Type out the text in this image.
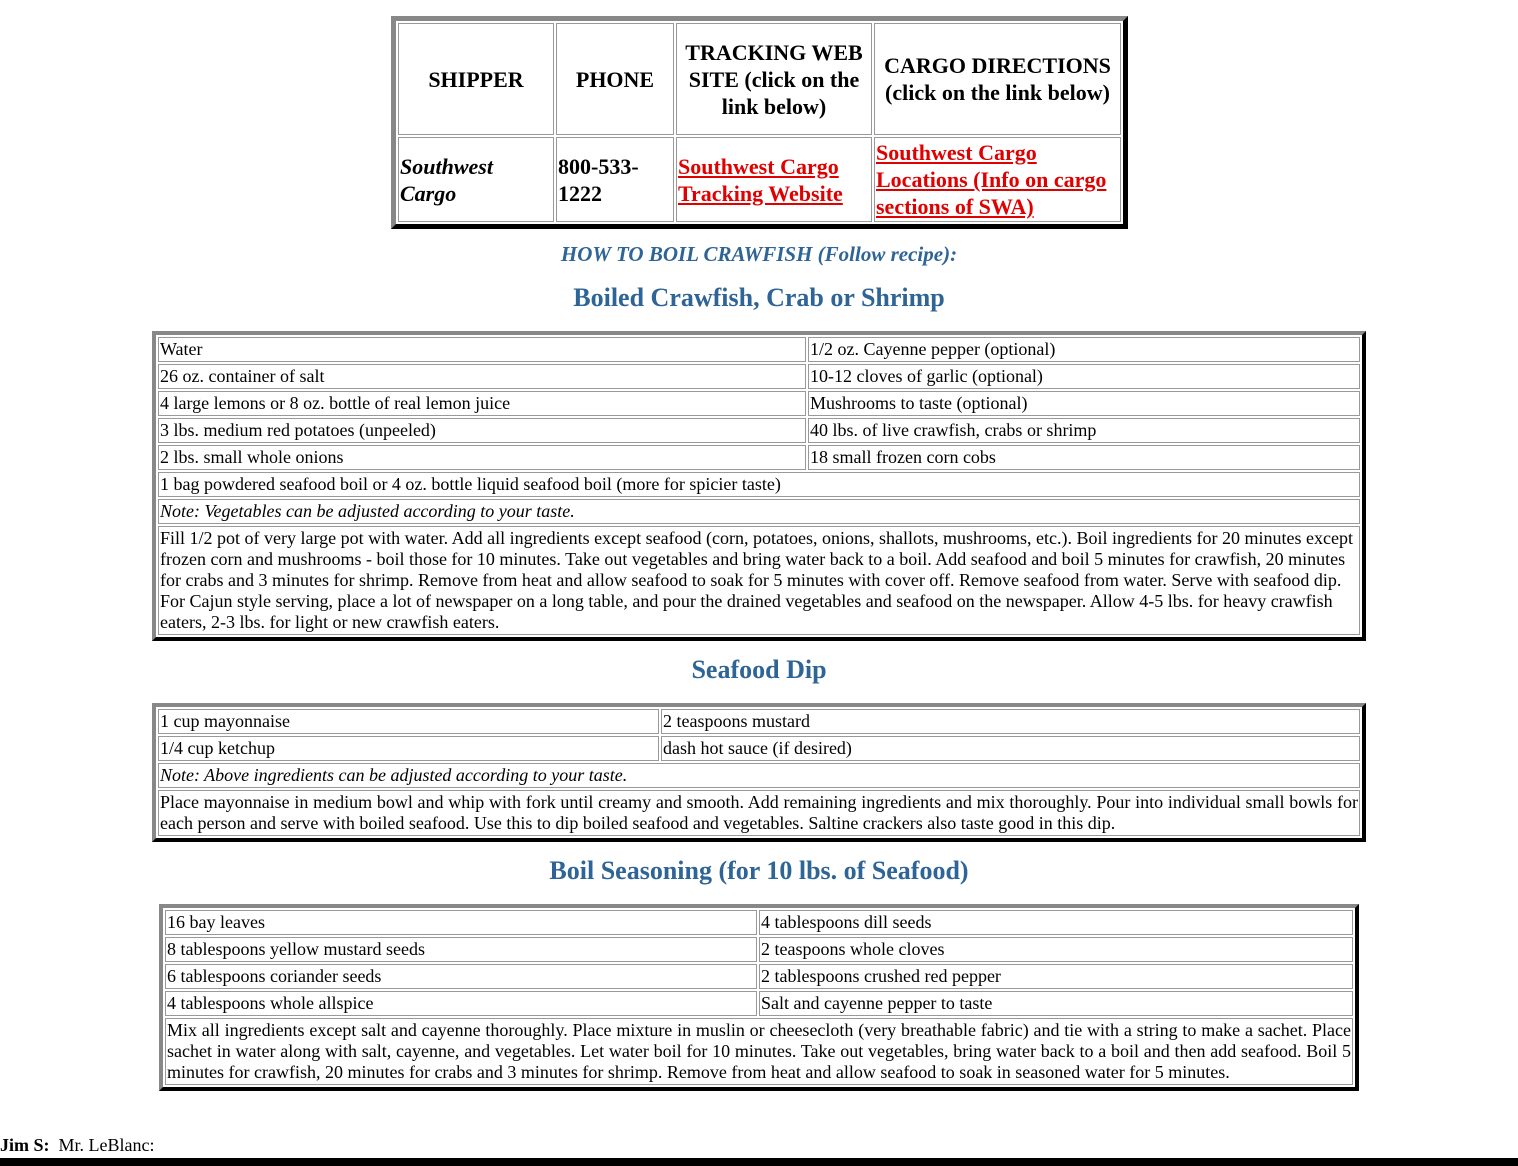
SHIPPER	PHONE	TRACKING WEB SITE (click on the link below)	CARGO DIRECTIONS (click on the link below)
Southwest Cargo	800-533-1222	Southwest Cargo Tracking Website	Southwest Cargo Locations (Info on cargo sections of SWA)
HOW TO BOIL CRAWFISH (Follow recipe):
Boiled Crawfish, Crab or Shrimp
Water	1/2 oz. Cayenne pepper (optional)
26 oz. container of salt	10-12 cloves of garlic (optional)
4 large lemons or 8 oz. bottle of real lemon juice	Mushrooms to taste (optional)
3 lbs. medium red potatoes (unpeeled)	40 lbs. of live crawfish, crabs or shrimp
2 lbs. small whole onions	18 small frozen corn cobs
1 bag powdered seafood boil or 4 oz. bottle liquid seafood boil (more for spicier taste)	
Note: Vegetables can be adjusted according to your taste.	
Fill 1/2 pot of very large pot with water. Add all ingredients except seafood (corn, potatoes, onions, shallots, mushrooms, etc.). Boil ingredients for 20 minutes except frozen corn and mushrooms - boil those for 10 minutes. Take out vegetables and bring water back to a boil. Add seafood and boil 5 minutes for crawfish, 20 minutes for crabs and 3 minutes for shrimp. Remove from heat and allow seafood to soak for 5 minutes with cover off. Remove seafood from water. Serve with seafood dip. For Cajun style serving, place a lot of newspaper on a long table, and pour the drained vegetables and seafood on the newspaper. Allow 4-5 lbs. for heavy crawfish eaters, 2-3 lbs. for light or new crawfish eaters.	
Seafood Dip
1 cup mayonnaise	2 teaspoons mustard
1/4 cup ketchup	dash hot sauce (if desired)
Note: Above ingredients can be adjusted according to your taste.	
Place mayonnaise in medium bowl and whip with fork until creamy and smooth. Add remaining ingredients and mix thoroughly. Pour into individual small bowls for each person and serve with boiled seafood. Use this to dip boiled seafood and vegetables. Saltine crackers also taste good in this dip.	
Boil Seasoning (for 10 lbs. of Seafood)
16 bay leaves	4 tablespoons dill seeds
8 tablespoons yellow mustard seeds	2 teaspoons whole cloves
6 tablespoons coriander seeds	2 tablespoons crushed red pepper
4 tablespoons whole allspice	Salt and cayenne pepper to taste
Mix all ingredients except salt and cayenne thoroughly. Place mixture in muslin or cheesecloth (very breathable fabric) and tie with a string to make a sachet. Place sachet in water along with salt, cayenne, and vegetables. Let water boil for 10 minutes. Take out vegetables, bring water back to a boil and then add seafood. Boil 5 minutes for crawfish, 20 minutes for crabs and 3 minutes for shrimp. Remove from heat and allow seafood to soak in seasoned water for 5 minutes.	
Jim S: Mr. LeBlanc:
